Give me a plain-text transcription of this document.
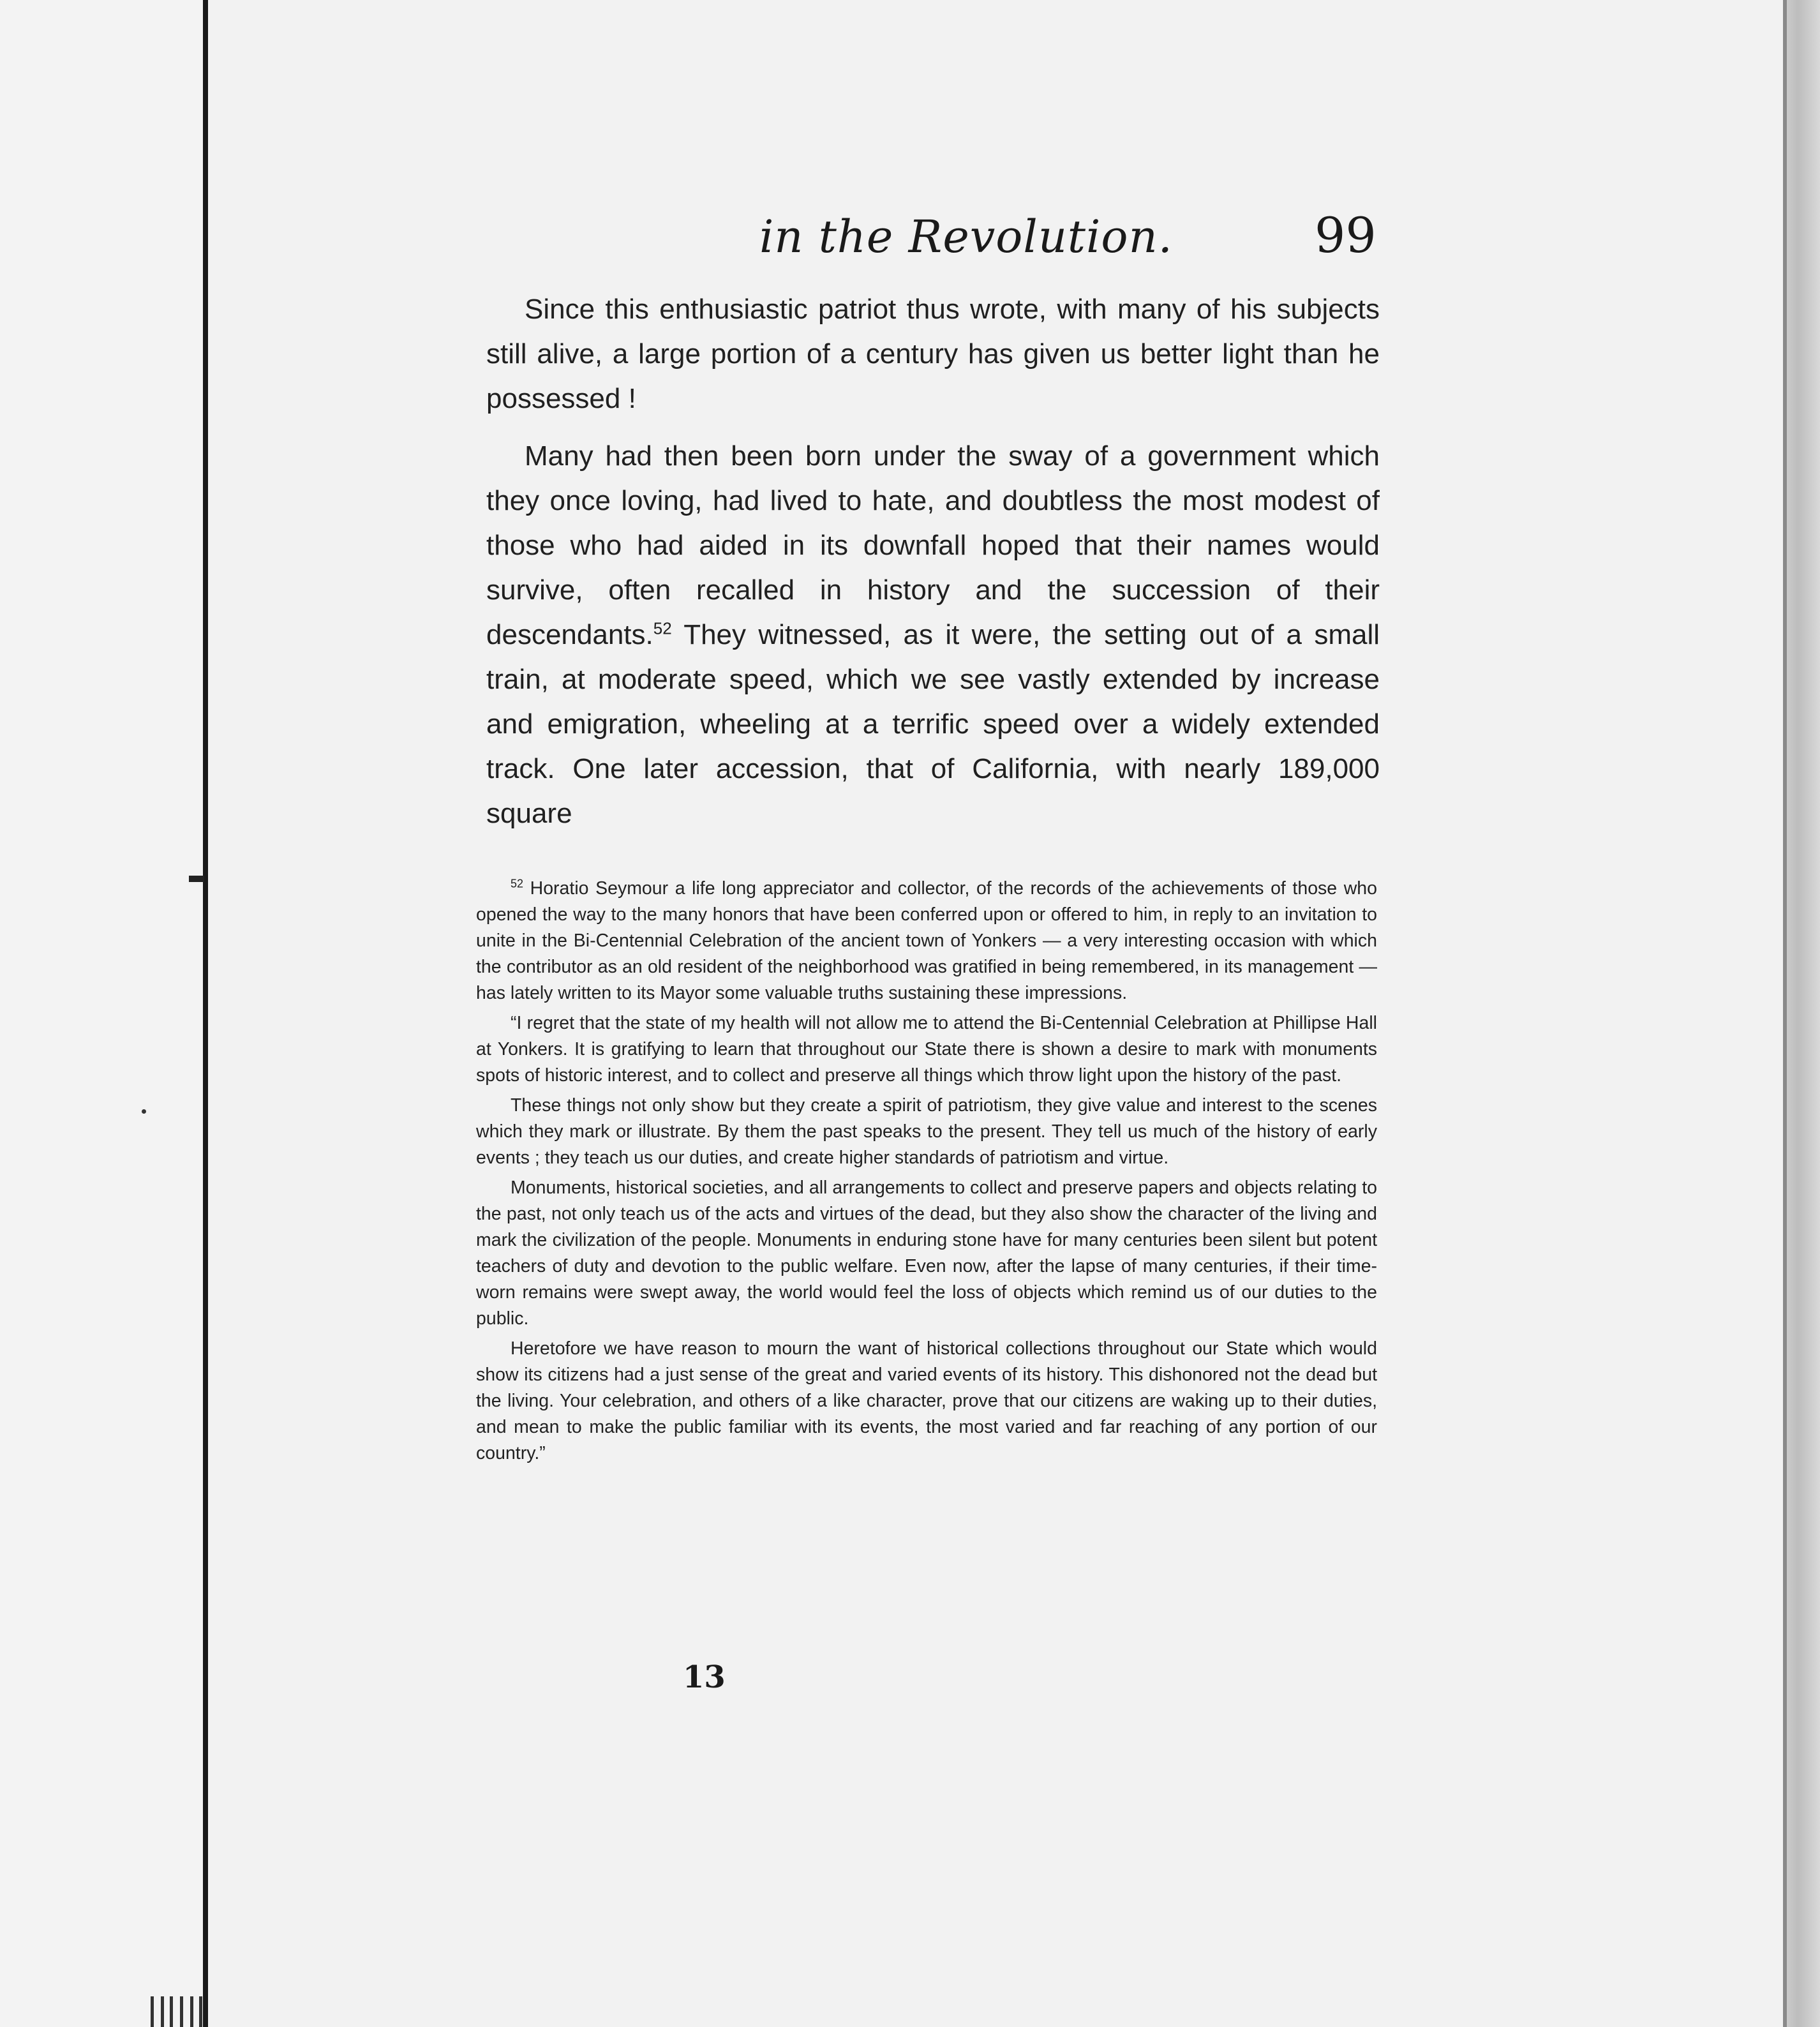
in the Revolution.	99

Since this enthusiastic patriot thus wrote, with many of his subjects still alive, a large portion of a century has given us better light than he possessed !

Many had then been born under the sway of a government which they once loving, had lived to hate, and doubtless the most modest of those who had aided in its downfall hoped that their names would survive, often recalled in history and the succession of their descendants.$^{52}$ They witnessed, as it were, the setting out of a small train, at moderate speed, which we see vastly extended by increase and emigration, wheeling at a terrific speed over a widely extended track. One later accession, that of California, with nearly 189,000 square

$^{52}$ Horatio Seymour a life long appreciator and collector, of the records of the achievements of those who opened the way to the many honors that have been conferred upon or offered to him, in reply to an invitation to unite in the Bi-Centennial Celebration of the ancient town of Yonkers — a very interesting occasion with which the contributor as an old resident of the neighborhood was gratified in being remembered, in its management — has lately written to its Mayor some valuable truths sustaining these impressions.

“I regret that the state of my health will not allow me to attend the Bi-Centennial Celebration at Phillipse Hall at Yonkers. It is gratifying to learn that throughout our State there is shown a desire to mark with monuments spots of historic interest, and to collect and preserve all things which throw light upon the history of the past.

These things not only show but they create a spirit of patriotism, they give value and interest to the scenes which they mark or illustrate. By them the past speaks to the present. They tell us much of the history of early events ; they teach us our duties, and create higher standards of patriotism and virtue.

Monuments, historical societies, and all arrangements to collect and preserve papers and objects relating to the past, not only teach us of the acts and virtues of the dead, but they also show the character of the living and mark the civilization of the people. Monuments in enduring stone have for many centuries been silent but potent teachers of duty and devotion to the public welfare. Even now, after the lapse of many centuries, if their time-worn remains were swept away, the world would feel the loss of objects which remind us of our duties to the public.

Heretofore we have reason to mourn the want of historical collections throughout our State which would show its citizens had a just sense of the great and varied events of its history. This dishonored not the dead but the living. Your celebration, and others of a like character, prove that our citizens are waking up to their duties, and mean to make the public familiar with its events, the most varied and far reaching of any portion of our country.”

13
